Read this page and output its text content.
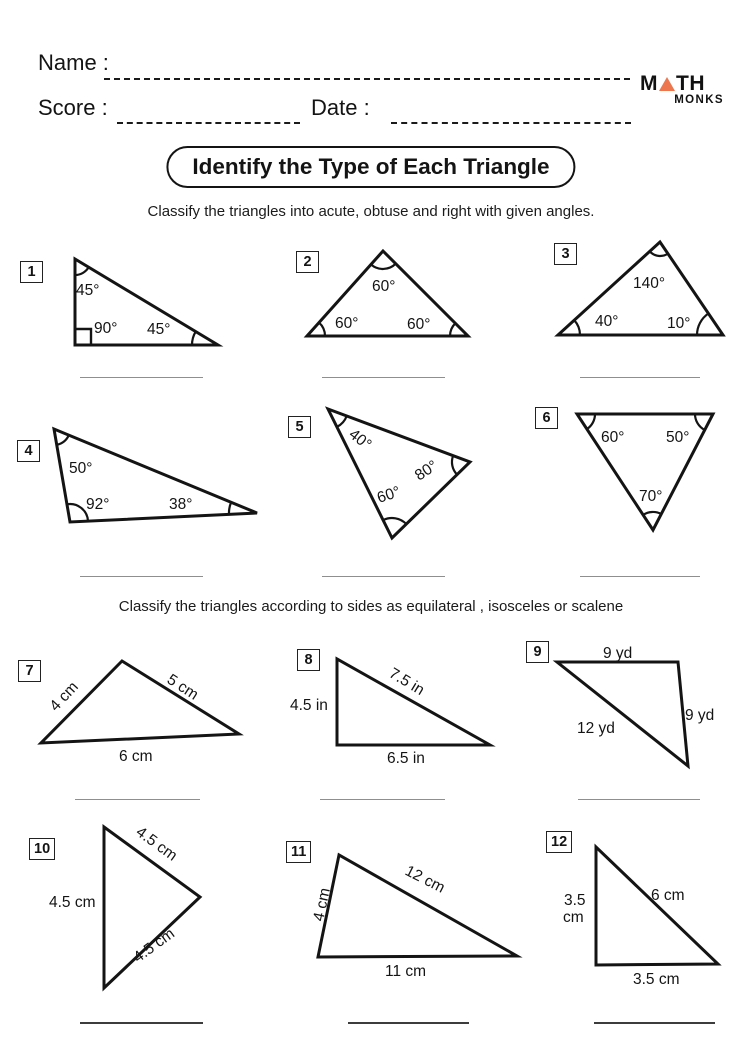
Name :
Score :	Date :
M TH
MONKS
Identify the Type of Each Triangle
Classify the triangles into acute, obtuse and right with given angles.
Classify the triangles according to sides as equilateral , isosceles or scalene
1
2	3
4
5
6
7
8	9
10	11
12
45°
90° 45°
60°
60°	60°
140°
40°	10°
50°
92°	38°
40°
80°
60°
60°	50°
70°
4 cm	5 cm
6 cm
4.5 in
7.5 in
6.5 in
9 yd
9 yd
12 yd
4.5 cm
4.5 cm
4.5 cm	4 cm
12 cm
11 cm
3.5
cm
6 cm
3.5 cm
